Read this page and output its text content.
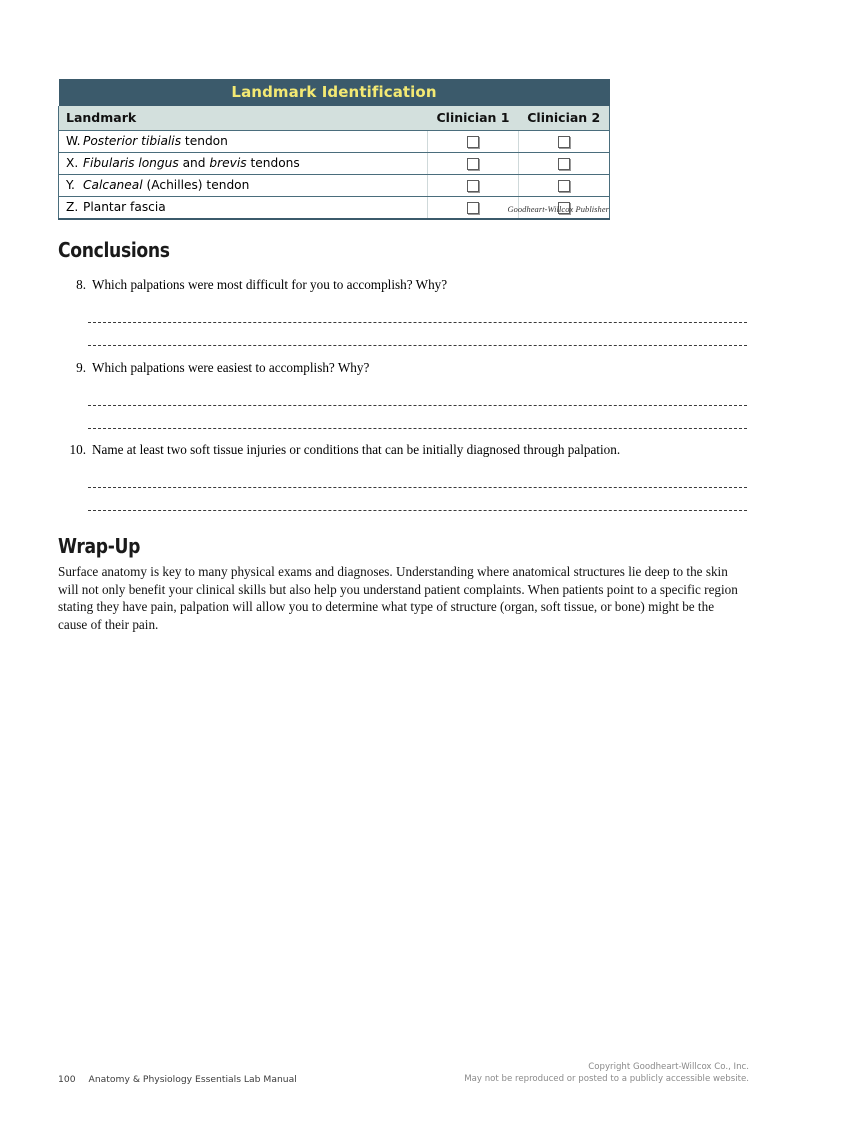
Landmark Identification		
Landmark	Clinician 1	Clinician 2
W. Posterior tibialis tendon		
X. Fibularis longus and brevis tendons		
Y. Calcaneal (Achilles) tendon		
Z. Plantar fascia			Goodheart-Willcox Publisher
Conclusions
8. Which palpations were most difficult for you to accomplish? Why?
9. Which palpations were easiest to accomplish? Why?
10. Name at least two soft tissue injuries or conditions that can be initially diagnosed through palpation.
Wrap-Up
Surface anatomy is key to many physical exams and diagnoses. Understanding where anatomical structures lie deep to the skin will not only benefit your clinical skills but also help you understand patient complaints. When patients point to a specific region stating they have pain, palpation will allow you to determine what type of structure (organ, soft tissue, or bone) might be the cause of their pain.
100 Anatomy & Physiology Essentials Lab Manual
Copyright Goodheart-Willcox Co., Inc.
May not be reproduced or posted to a publicly accessible website.
